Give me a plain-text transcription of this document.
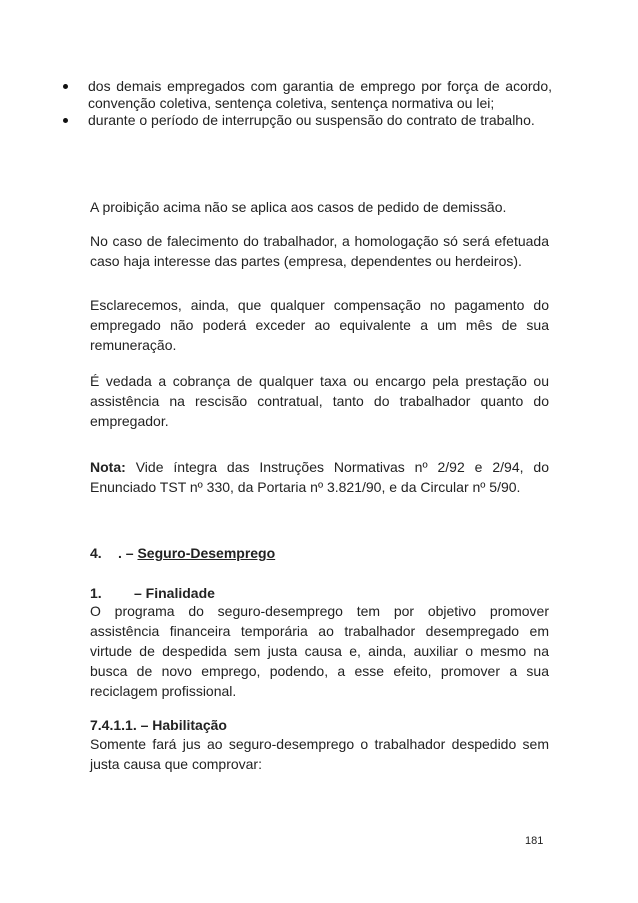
dos demais empregados com garantia de emprego por força de acordo, convenção coletiva, sentença coletiva, sentença normativa ou lei;
durante o período de interrupção ou suspensão do contrato de trabalho.

A proibição acima não se aplica aos casos de pedido de demissão.

No caso de falecimento do trabalhador, a homologação só será efetuada caso haja interesse das partes (empresa, dependentes ou herdeiros).

Esclarecemos, ainda, que qualquer compensação no pagamento do empregado não poderá exceder ao equivalente a um mês de sua remuneração.

É vedada a cobrança de qualquer taxa ou encargo pela prestação ou assistência na rescisão contratual, tanto do trabalhador quanto do empregador.

Nota: Vide íntegra das Instruções Normativas nº 2/92 e 2/94, do Enunciado TST nº 330, da Portaria nº 3.821/90, e da Circular nº 5/90.

4. . – Seguro-Desemprego
1. – Finalidade

O programa do seguro-desemprego tem por objetivo promover assistência financeira temporária ao trabalhador desempregado em virtude de despedida sem justa causa e, ainda, auxiliar o mesmo na busca de novo emprego, podendo, a esse efeito, promover a sua reciclagem profissional.

7.4.1.1. – Habilitação

Somente fará jus ao seguro-desemprego o trabalhador despedido sem justa causa que comprovar:

181
